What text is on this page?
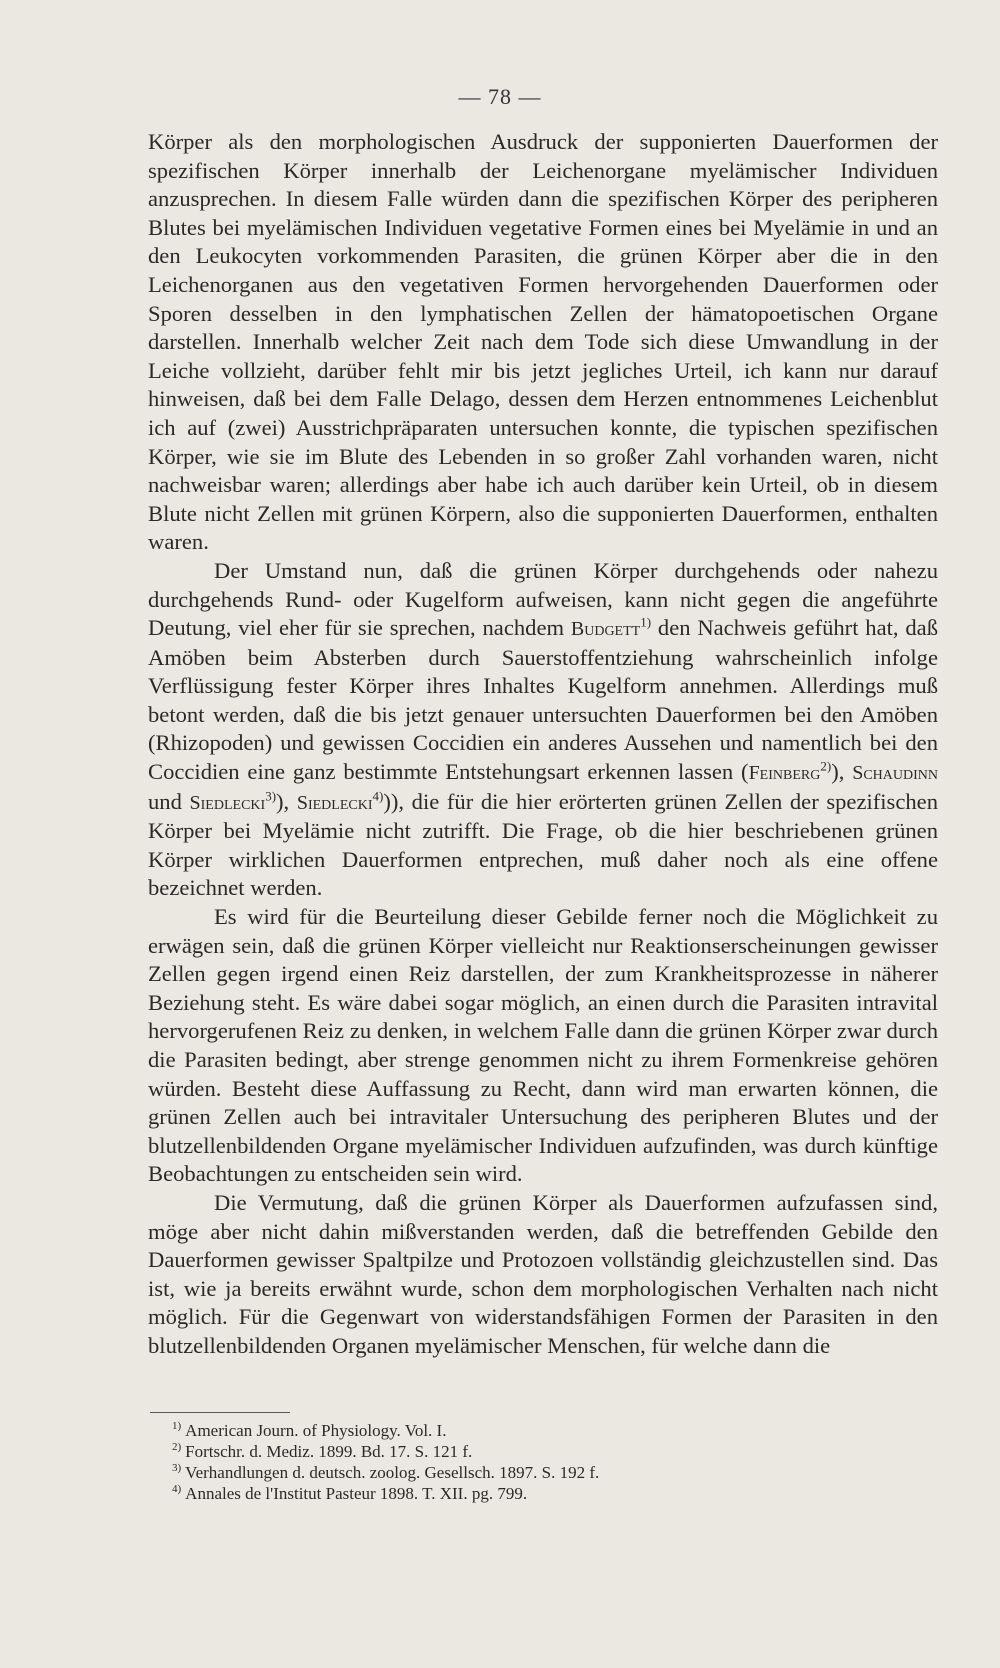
— 78 —

Körper als den morphologischen Ausdruck der supponierten Dauerformen der spezifischen Körper innerhalb der Leichenorgane myelämischer Individuen anzusprechen. In diesem Falle würden dann die spezifischen Körper des peripheren Blutes bei myelämischen Individuen vegetative Formen eines bei Myelämie in und an den Leukocyten vorkommenden Parasiten, die grünen Körper aber die in den Leichenorganen aus den vegetativen Formen hervorgehenden Dauerformen oder Sporen desselben in den lymphatischen Zellen der hämatopoetischen Organe darstellen. Innerhalb welcher Zeit nach dem Tode sich diese Umwandlung in der Leiche vollzieht, darüber fehlt mir bis jetzt jegliches Urteil, ich kann nur darauf hinweisen, daß bei dem Falle Delago, dessen dem Herzen entnommenes Leichenblut ich auf (zwei) Ausstrichpräparaten untersuchen konnte, die typischen spezifischen Körper, wie sie im Blute des Lebenden in so großer Zahl vorhanden waren, nicht nachweisbar waren; allerdings aber habe ich auch darüber kein Urteil, ob in diesem Blute nicht Zellen mit grünen Körpern, also die supponierten Dauerformen, enthalten waren.

Der Umstand nun, daß die grünen Körper durchgehends oder nahezu durchgehends Rund- oder Kugelform aufweisen, kann nicht gegen die angeführte Deutung, viel eher für sie sprechen, nachdem Budgett$^{1)}$ den Nachweis geführt hat, daß Amöben beim Absterben durch Sauerstoffentziehung wahrscheinlich infolge Verflüssigung fester Körper ihres Inhaltes Kugelform annehmen. Allerdings muß betont werden, daß die bis jetzt genauer untersuchten Dauerformen bei den Amöben (Rhizopoden) und gewissen Coccidien ein anderes Aussehen und namentlich bei den Coccidien eine ganz bestimmte Entstehungsart erkennen lassen (Feinberg$^{2)}$), Schaudinn und Siedlecki$^{3)}$), Siedlecki$^{4)}$)), die für die hier erörterten grünen Zellen der spezifischen Körper bei Myelämie nicht zutrifft. Die Frage, ob die hier beschriebenen grünen Körper wirklichen Dauerformen entprechen, muß daher noch als eine offene bezeichnet werden.

Es wird für die Beurteilung dieser Gebilde ferner noch die Möglichkeit zu erwägen sein, daß die grünen Körper vielleicht nur Reaktionserscheinungen gewisser Zellen gegen irgend einen Reiz darstellen, der zum Krankheitsprozesse in näherer Beziehung steht. Es wäre dabei sogar möglich, an einen durch die Parasiten intravital hervorgerufenen Reiz zu denken, in welchem Falle dann die grünen Körper zwar durch die Parasiten bedingt, aber strenge genommen nicht zu ihrem Formenkreise gehören würden. Besteht diese Auffassung zu Recht, dann wird man erwarten können, die grünen Zellen auch bei intravitaler Untersuchung des peripheren Blutes und der blutzellenbildenden Organe myelämischer Individuen aufzufinden, was durch künftige Beobachtungen zu entscheiden sein wird.

Die Vermutung, daß die grünen Körper als Dauerformen aufzufassen sind, möge aber nicht dahin mißverstanden werden, daß die betreffenden Gebilde den Dauerformen gewisser Spaltpilze und Protozoen vollständig gleichzustellen sind. Das ist, wie ja bereits erwähnt wurde, schon dem morphologischen Verhalten nach nicht möglich. Für die Gegenwart von widerstandsfähigen Formen der Parasiten in den blutzellenbildenden Organen myelämischer Menschen, für welche dann die

$^{1)}$ American Journ. of Physiology. Vol. I.
$^{2)}$ Fortschr. d. Mediz. 1899. Bd. 17. S. 121 f.
$^{3)}$ Verhandlungen d. deutsch. zoolog. Gesellsch. 1897. S. 192 f.
$^{4)}$ Annales de l'Institut Pasteur 1898. T. XII. pg. 799.
